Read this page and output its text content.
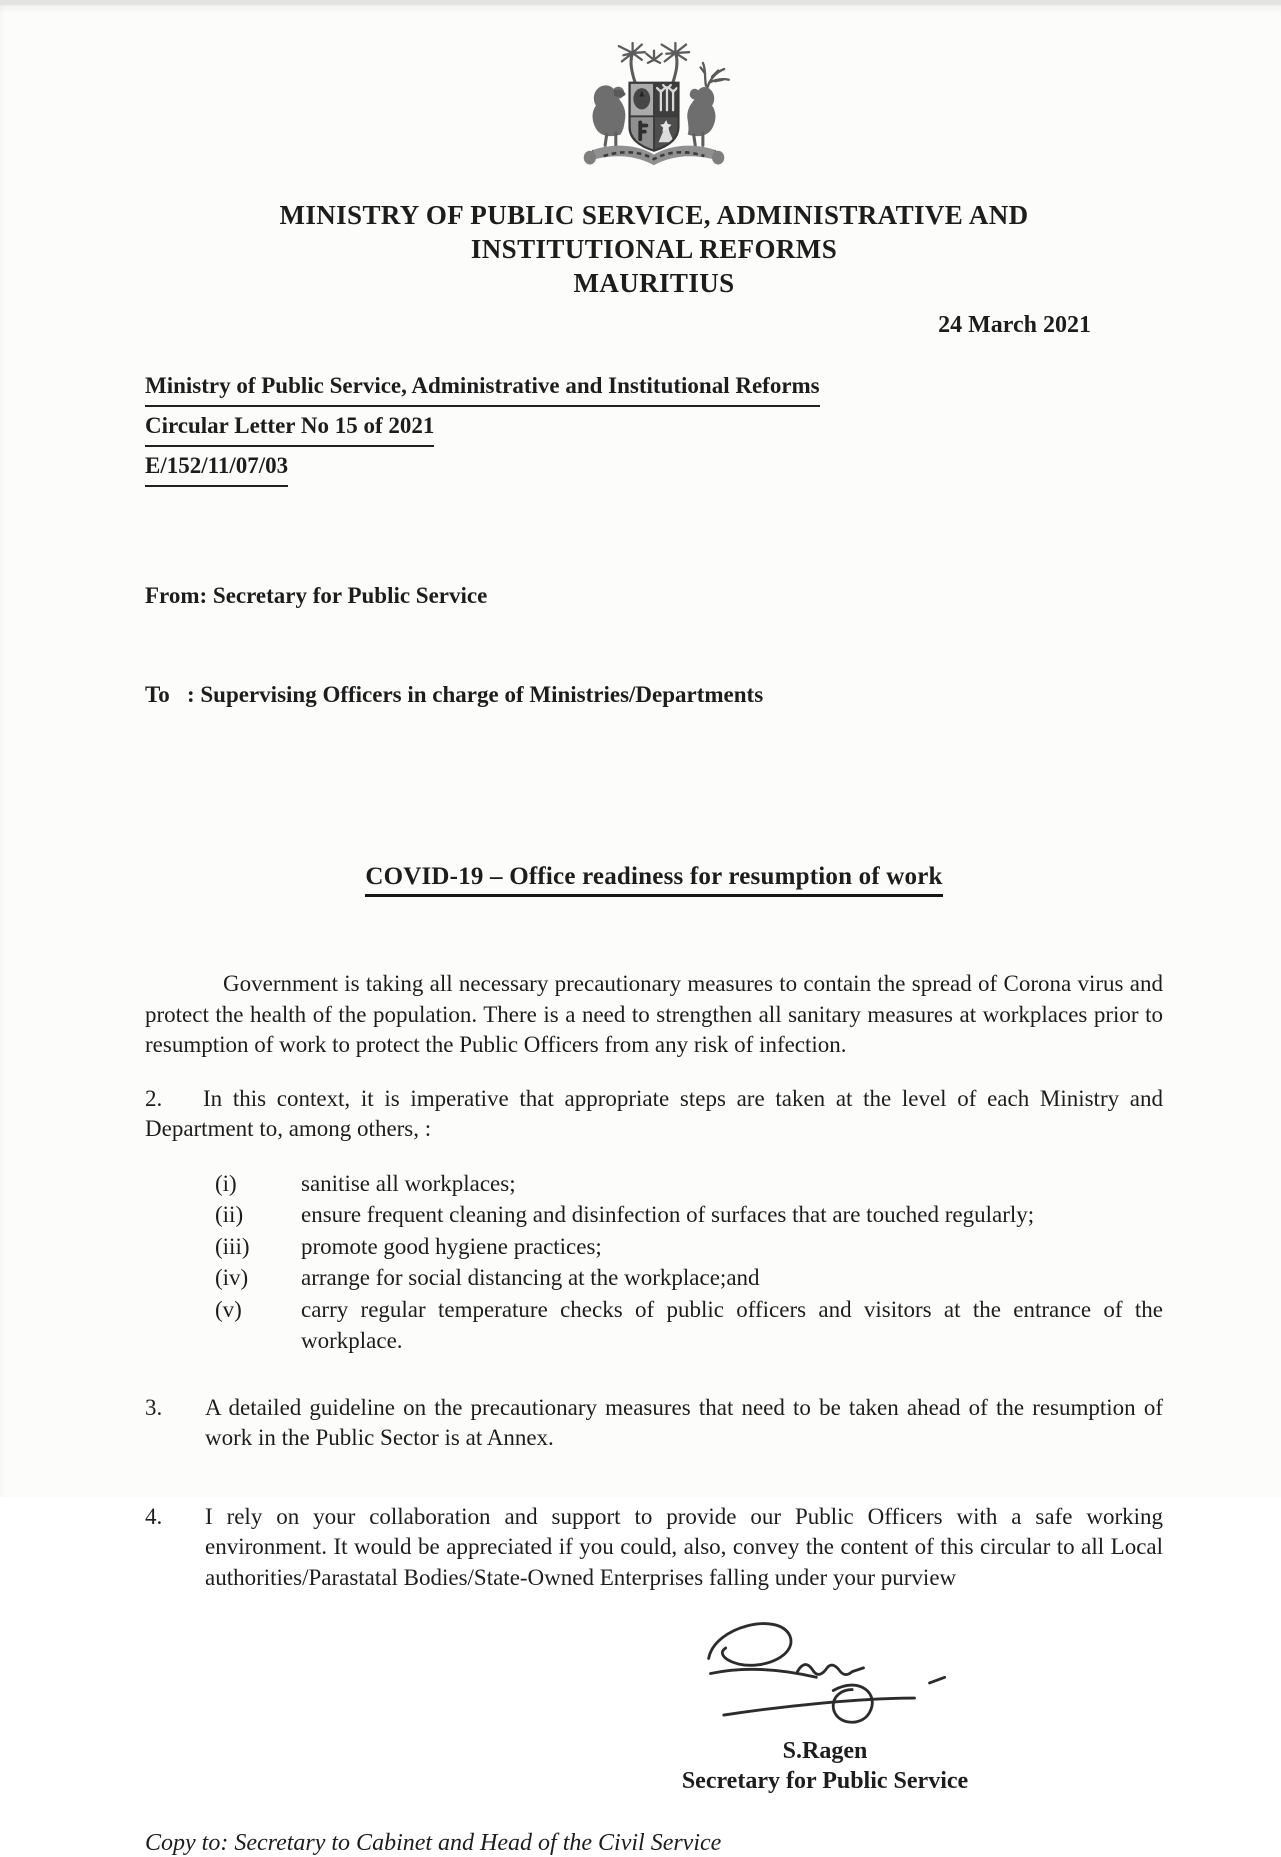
MINISTRY OF PUBLIC SERVICE, ADMINISTRATIVE AND
INSTITUTIONAL REFORMS
MAURITIUS
24 March 2021
Ministry of Public Service, Administrative and Institutional Reforms
Circular Letter No 15 of 2021
E/152/11/07/03

From: Secretary for Public Service

To   : Supervising Officers in charge of Ministries/Departments

COVID-19 – Office readiness for resumption of work

Government is taking all necessary precautionary measures to contain the spread of Corona virus and protect the health of the population. There is a need to strengthen all sanitary measures at workplaces prior to resumption of work to protect the Public Officers from any risk of infection.

2. In this context, it is imperative that appropriate steps are taken at the level of each Ministry and Department to, among others, :

(i)	sanitise all workplaces;
(ii)	ensure frequent cleaning and disinfection of surfaces that are touched regularly;
(iii)	promote good hygiene practices;
(iv)	arrange for social distancing at the workplace;and
(v)	carry regular temperature checks of public officers and visitors at the entrance of the workplace.
3.	A detailed guideline on the precautionary measures that need to be taken ahead of the resumption of work in the Public Sector is at Annex.
4.	I rely on your collaboration and support to provide our Public Officers with a safe working environment. It would be appreciated if you could, also, convey the content of this circular to all Local authorities/Parastatal Bodies/State-Owned Enterprises falling under your purview
S.Ragen
Secretary for Public Service
Copy to: Secretary to Cabinet and Head of the Civil Service
